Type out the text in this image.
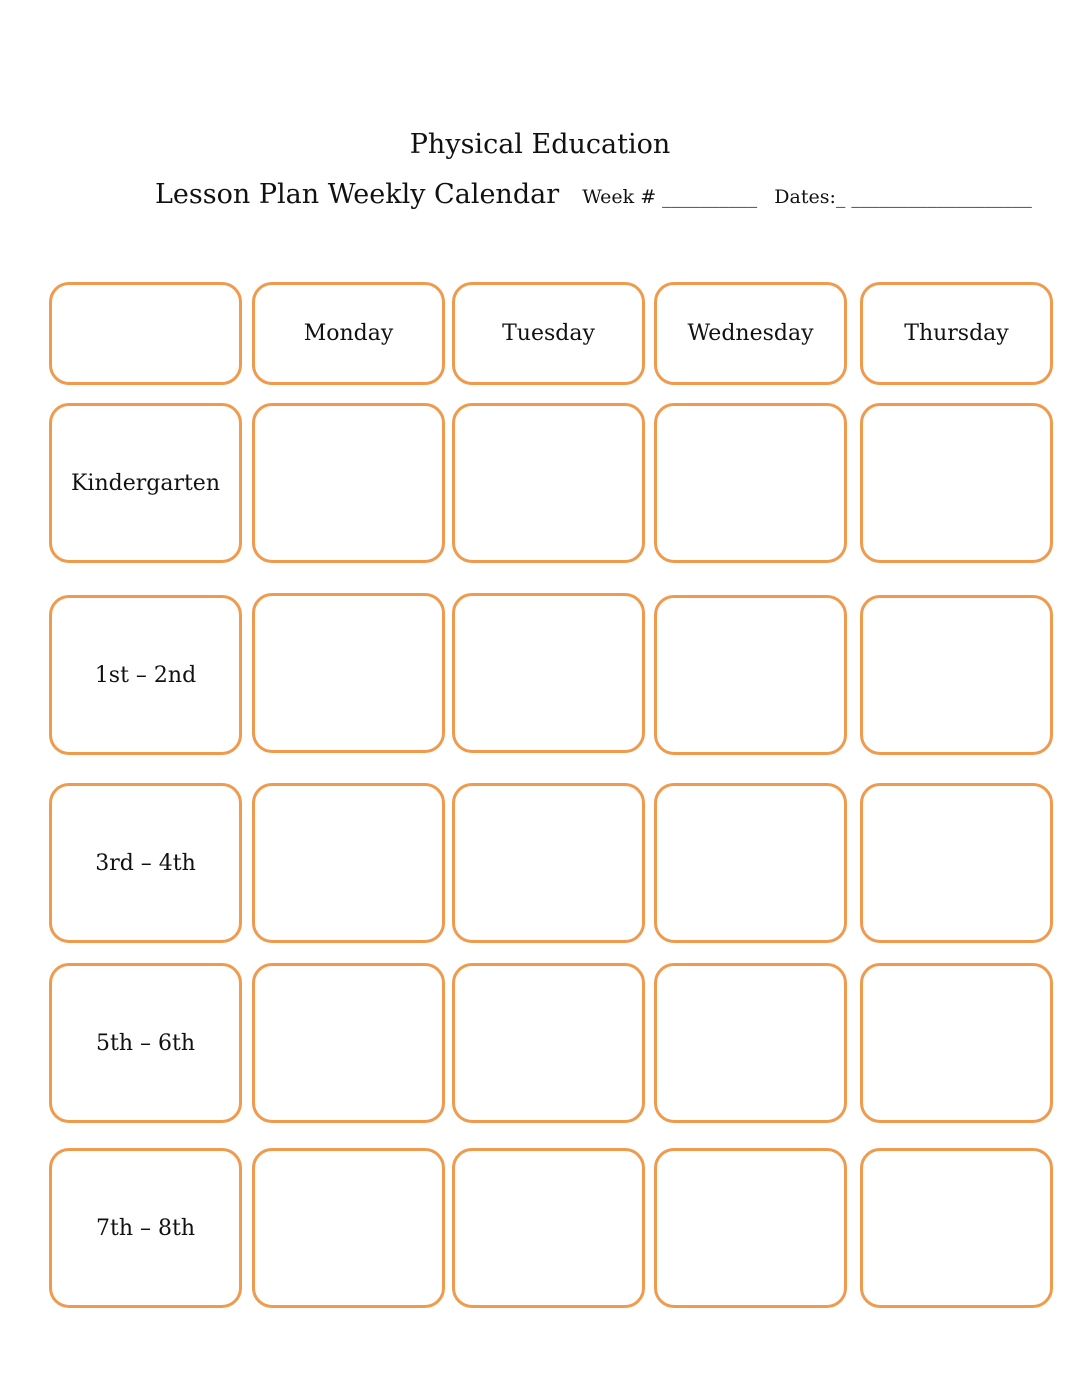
Physical Education
Lesson Plan Weekly Calendar Week # __________ Dates:_ ___________________
Monday	Tuesday	Wednesday	Thursday
Kindergarten
1st – 2nd
3rd – 4th
5th – 6th
7th – 8th
